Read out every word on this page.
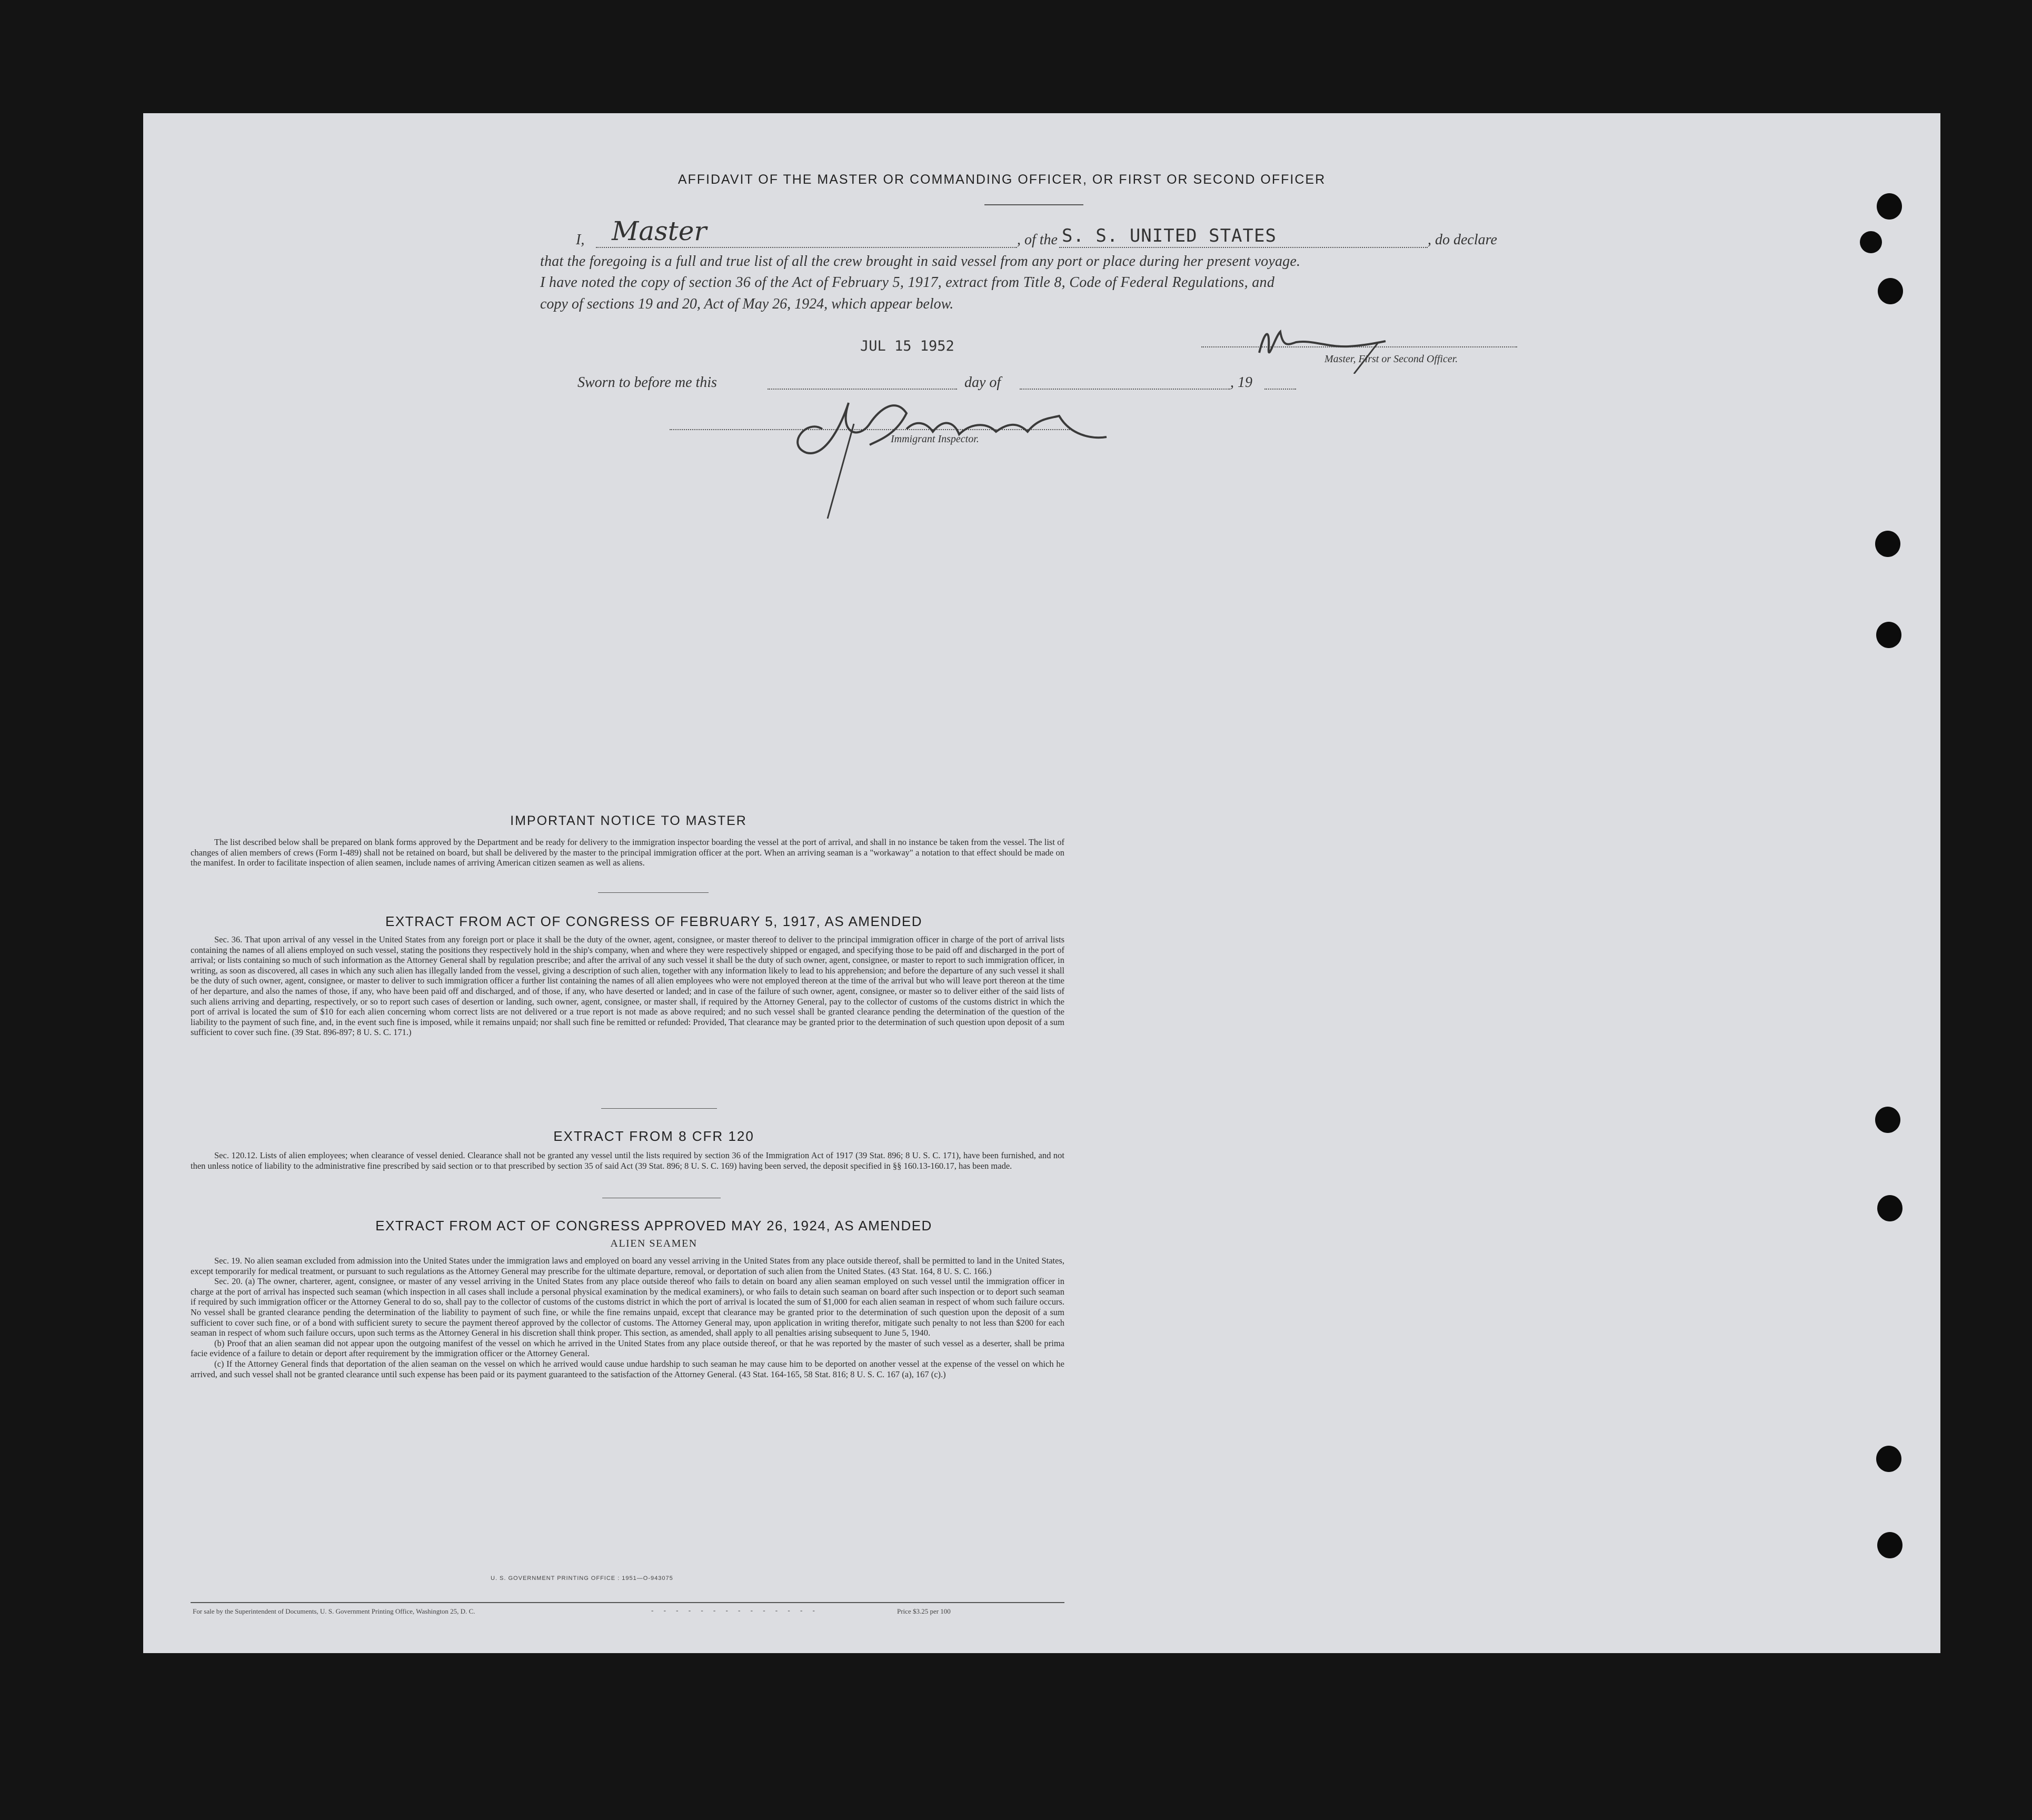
AFFIDAVIT OF THE MASTER OR COMMANDING OFFICER, OR FIRST OR SECOND OFFICER
I, Master	, of the S. S. UNITED STATES	, do declare
that the foregoing is a full and true list of all the crew brought in said vessel from any port or place during her present voyage.
I have noted the copy of section 36 of the Act of February 5, 1917, extract from Title 8, Code of Federal Regulations, and
copy of sections 19 and 20, Act of May 26, 1924, which appear below.
JUL 15 1952
Master, First or Second Officer.
Sworn to before me this	day of	, 19
Immigrant Inspector.
IMPORTANT NOTICE TO MASTER

The list described below shall be prepared on blank forms approved by the Department and be ready for delivery to the immigration inspector boarding the vessel at the port of arrival, and shall in no instance be taken from the vessel. The list of changes of alien members of crews (Form I-489) shall not be retained on board, but shall be delivered by the master to the principal immigration officer at the port. When an arriving seaman is a "workaway" a notation to that effect should be made on the manifest. In order to facilitate inspection of alien seamen, include names of arriving American citizen seamen as well as aliens.

EXTRACT FROM ACT OF CONGRESS OF FEBRUARY 5, 1917, AS AMENDED

Sec. 36. That upon arrival of any vessel in the United States from any foreign port or place it shall be the duty of the owner, agent, consignee, or master thereof to deliver to the principal immigration officer in charge of the port of arrival lists containing the names of all aliens employed on such vessel, stating the positions they respectively hold in the ship's company, when and where they were respectively shipped or engaged, and specifying those to be paid off and discharged in the port of arrival; or lists containing so much of such information as the Attorney General shall by regulation prescribe; and after the arrival of any such vessel it shall be the duty of such owner, agent, consignee, or master to report to such immigration officer, in writing, as soon as discovered, all cases in which any such alien has illegally landed from the vessel, giving a description of such alien, together with any information likely to lead to his apprehension; and before the departure of any such vessel it shall be the duty of such owner, agent, consignee, or master to deliver to such immigration officer a further list containing the names of all alien employees who were not employed thereon at the time of the arrival but who will leave port thereon at the time of her departure, and also the names of those, if any, who have been paid off and discharged, and of those, if any, who have deserted or landed; and in case of the failure of such owner, agent, consignee, or master so to deliver either of the said lists of such aliens arriving and departing, respectively, or so to report such cases of desertion or landing, such owner, agent, consignee, or master shall, if required by the Attorney General, pay to the collector of customs of the customs district in which the port of arrival is located the sum of $10 for each alien concerning whom correct lists are not delivered or a true report is not made as above required; and no such vessel shall be granted clearance pending the determination of the question of the liability to the payment of such fine, and, in the event such fine is imposed, while it remains unpaid; nor shall such fine be remitted or refunded: Provided, That clearance may be granted prior to the determination of such question upon deposit of a sum sufficient to cover such fine. (39 Stat. 896-897; 8 U. S. C. 171.)

EXTRACT FROM 8 CFR 120

Sec. 120.12. Lists of alien employees; when clearance of vessel denied. Clearance shall not be granted any vessel until the lists required by section 36 of the Immigration Act of 1917 (39 Stat. 896; 8 U. S. C. 171), have been furnished, and not then unless notice of liability to the administrative fine prescribed by said section or to that prescribed by section 35 of said Act (39 Stat. 896; 8 U. S. C. 169) having been served, the deposit specified in §§ 160.13-160.17, has been made.

EXTRACT FROM ACT OF CONGRESS APPROVED MAY 26, 1924, AS AMENDED
ALIEN SEAMEN

Sec. 19. No alien seaman excluded from admission into the United States under the immigration laws and employed on board any vessel arriving in the United States from any place outside thereof, shall be permitted to land in the United States, except temporarily for medical treatment, or pursuant to such regulations as the Attorney General may prescribe for the ultimate departure, removal, or deportation of such alien from the United States. (43 Stat. 164, 8 U. S. C. 166.)

Sec. 20. (a) The owner, charterer, agent, consignee, or master of any vessel arriving in the United States from any place outside thereof who fails to detain on board any alien seaman employed on such vessel until the immigration officer in charge at the port of arrival has inspected such seaman (which inspection in all cases shall include a personal physical examination by the medical examiners), or who fails to detain such seaman on board after such inspection or to deport such seaman if required by such immigration officer or the Attorney General to do so, shall pay to the collector of customs of the customs district in which the port of arrival is located the sum of $1,000 for each alien seaman in respect of whom such failure occurs. No vessel shall be granted clearance pending the determination of the liability to payment of such fine, or while the fine remains unpaid, except that clearance may be granted prior to the determination of such question upon the deposit of a sum sufficient to cover such fine, or of a bond with sufficient surety to secure the payment thereof approved by the collector of customs. The Attorney General may, upon application in writing therefor, mitigate such penalty to not less than $200 for each seaman in respect of whom such failure occurs, upon such terms as the Attorney General in his discretion shall think proper. This section, as amended, shall apply to all penalties arising subsequent to June 5, 1940.

(b) Proof that an alien seaman did not appear upon the outgoing manifest of the vessel on which he arrived in the United States from any place outside thereof, or that he was reported by the master of such vessel as a deserter, shall be prima facie evidence of a failure to detain or deport after requirement by the immigration officer or the Attorney General.

(c) If the Attorney General finds that deportation of the alien seaman on the vessel on which he arrived would cause undue hardship to such seaman he may cause him to be deported on another vessel at the expense of the vessel on which he arrived, and such vessel shall not be granted clearance until such expense has been paid or its payment guaranteed to the satisfaction of the Attorney General. (43 Stat. 164-165, 58 Stat. 816; 8 U. S. C. 167 (a), 167 (c).)

U. S. GOVERNMENT PRINTING OFFICE : 1951—O-943075
For sale by the Superintendent of Documents, U. S. Government Printing Office, Washington 25, D. C.	- - - - - - - - - - - - - -	Price $3.25 per 100
